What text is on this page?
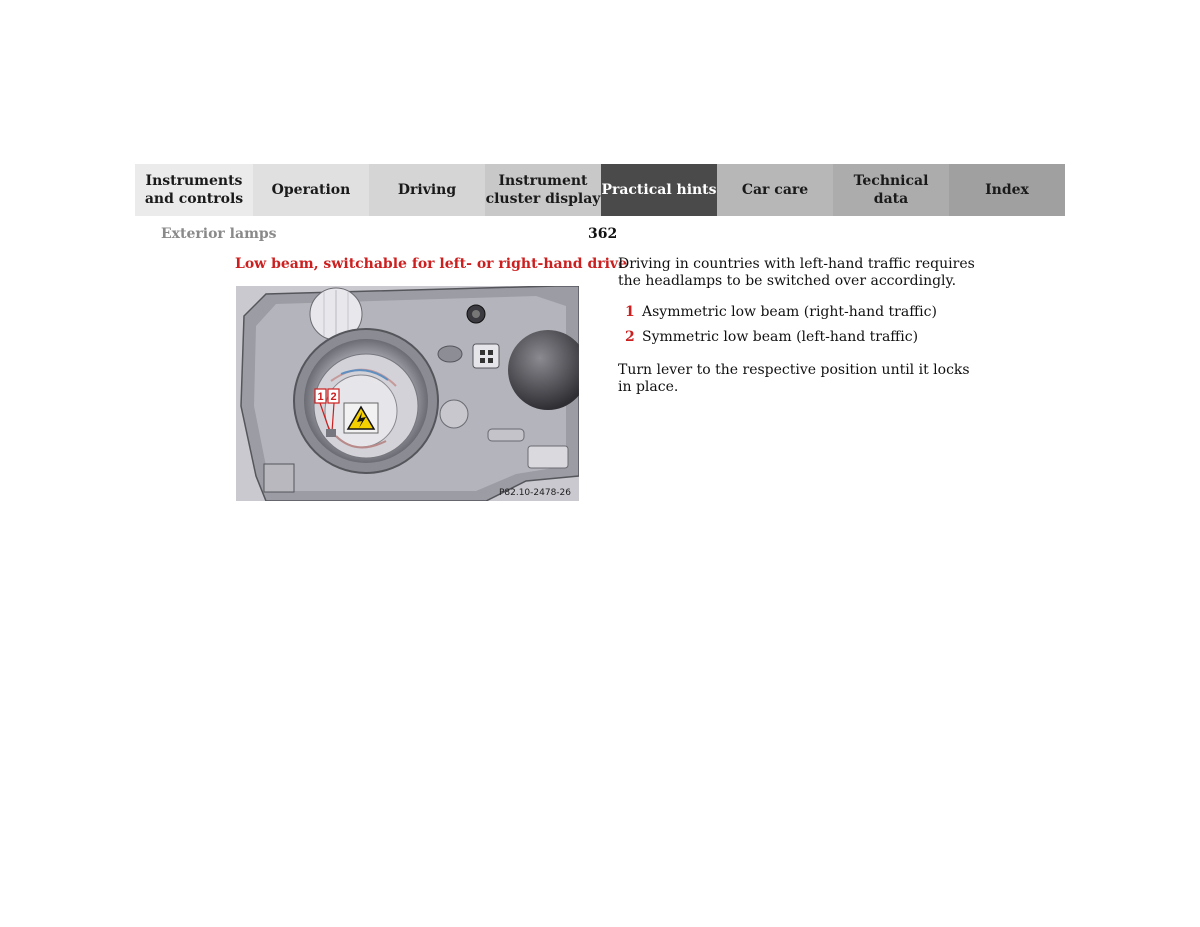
Instruments
and controls
Operation	Driving
Instrument
cluster display
Practical hints	Car care
Technical
data
Index
Exterior lamps	362
Low beam, switchable for left- or right-hand drive
1 2
P82.10-2478-26

Driving in countries with left-hand traffic requires the headlamps to be switched over accordingly.

1 Asymmetric low beam (right-hand traffic)
2 Symmetric low beam (left-hand traffic)

Turn lever to the respective position until it locks in place.
